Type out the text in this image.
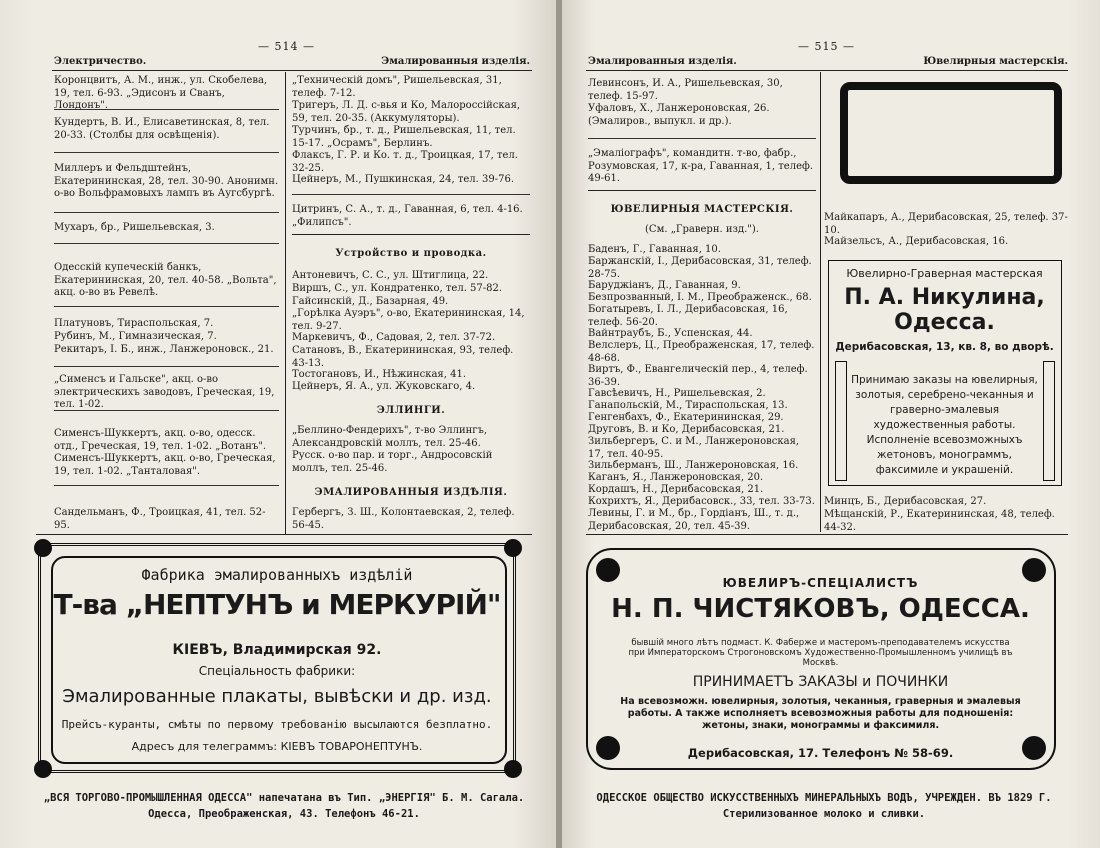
— 514 —
Электричество.	Эмалированныя изделія.
Коронцвитъ, А. М., инж., ул. Скобелева, 19, тел. 6-93. „Эдисонъ и Сванъ, Лондонъ".
Кундертъ, В. И., Елисаветинская, 8, тел. 20-33. (Столбы для освѣщенія).
Миллеръ и Фельдштейнъ, Екатерининская, 28, тел. 30-90. Анонимн. о-во Вольфрамовыхъ лампъ въ Аугсбургѣ.
Мухаръ, бр., Ришельевская, 3.
Одесскій купеческій банкъ, Екатерининская, 20, тел. 40-58. „Вольта", акц. о-во въ Ревелѣ.
Платуновъ, Тираспольская, 7.
Рубинъ, М., Гимназическая, 7.
Рекитаръ, І. Б., инж., Ланжероновск., 21.
„Сименсъ и Гальске", акц. о-во электрическихъ заводовъ, Греческая, 19, тел. 1-02.
Сименсъ-Шуккертъ, акц. о-во, одесск. отд., Греческая, 19, тел. 1-02. „Вотанъ".
Сименсъ-Шуккертъ, акц. о-во, Греческая, 19, тел. 1-02. „Танталовая".
Сандельманъ, Ф., Троицкая, 41, тел. 52-95.
„Техническій домъ", Ришельевская, 31, телеф. 7-12.
Тригеръ, Л. Д. с-вья и Ко, Малороссійская, 59, тел. 20-35. (Аккумуляторы).
Турчинъ, бр., т. д., Ришельевская, 11, тел. 15-17. „Осрамъ", Берлинъ.
Флаксъ, Г. Р. и Ко. т. д., Троицкая, 17, тел. 32-25.
Цейнеръ, М., Пушкинская, 24, тел. 39-76.
Цитринъ, С. А., т. д., Гаванная, 6, тел. 4-16. „Филипсъ".
Устройство и проводка.
Антоневичъ, С. С., ул. Штиглица, 22.
Виршъ, С., ул. Кондратенко, тел. 57-82.
Гайсинскій, Д., Базарная, 49.
„Горѣлка Ауэръ", о-во, Екатерининская, 14, тел. 9-27.
Маркевичъ, Ф., Садовая, 2, тел. 37-72.
Сатановъ, В., Екатерининская, 93, телеф. 43-13.
Тостогановъ, И., Нѣжинская, 41.
Цейнеръ, Я. А., ул. Жуковскаго, 4.
ЭЛЛИНГИ.
„Беллино-Фендерихъ", т-во Эллингъ, Александровскій моллъ, тел. 25-46.
Русск. о-во пар. и торг., Андросовскій моллъ, тел. 25-46.
ЭМАЛИРОВАННЫЯ ИЗДѢЛІЯ.
Гербергъ, З. Ш., Колонтаевская, 2, телеф. 56-45.
Фабрика эмалированныхъ издѣлій
Т-ва „НЕПТУНЪ и МЕРКУРІЙ"
КІЕВЪ, Владимирская 92.
Спеціальность фабрики:
Эмалированные плакаты, вывѣски и др. изд.
Прейсъ-куранты, смѣты по первому требованію высылаются безплатно.
Адресъ для телеграммъ: КІЕВЪ ТОВАРОНЕПТУНЪ.
„ВСЯ ТОРГОВО-ПРОМЫШЛЕННАЯ ОДЕССА" напечатана въ Тип. „ЭНЕРГІЯ" Б. М. Сагала.
Одесса, Преображенская, 43. Телефонъ 46-21.
— 515 —
Эмалированныя изделія.	Ювелирныя мастерскія.
Левинсонъ, И. А., Ришельевская, 30, телеф. 15-97.
Уфаловъ, Х., Ланжероновская, 26. (Эмалиров., выпукл. и др.).
„Эмаліографъ", командитн. т-во, фабр., Розумовская, 17, к-ра, Гаванная, 1, телеф. 49-61.
ЮВЕЛИРНЫЯ МАСТЕРСКІЯ.
(См. „Граверн. изд.").
Баденъ, Г., Гаванная, 10.
Баржанскій, І., Дерибасовская, 31, телеф. 28-75.
Баруджіанъ, Д., Гаванная, 9.
Безпрозванный, І. М., Преображенск., 68.
Богатыревъ, І. Л., Дерибасовская, 16, телеф. 56-20.
Вайнтраубъ, Б., Успенская, 44.
Велслеръ, Ц., Преображенская, 17, телеф. 48-68.
Виртъ, Ф., Евангелическій пер., 4, телеф. 36-39.
Гавсѣевичъ, Н., Ришельевская, 2.
Ганапольскій, М., Тираспольская, 13.
Генгенбахъ, Ф., Екатерининская, 29.
Друговъ, В. и Ко, Дерибасовская, 21.
Зильбергеръ, С. и М., Ланжероновская, 17, тел. 40-95.
Зильберманъ, Ш., Ланжероновская, 16.
Каганъ, Я., Ланжероновская, 20.
Кордашъ, Н., Дерибасовская, 21.
Кохрихтъ, Я., Дерибасовск., 33, тел. 33-73.
Левины, Г. и М., бр., Гордіанъ, Ш., т. д., Дерибасовская, 20, тел. 45-39.
Майкапаръ, А., Дерибасовская, 25, телеф. 37-10.
Майзельсъ, А., Дерибасовская, 16.
Ювелирно-Граверная мастерская
П. А. Никулина, Одесса.
Дерибасовская, 13, кв. 8, во дворѣ.
Принимаю заказы на ювелирныя, золотыя, серебрено-чеканныя и граверно-эмалевыя художественныя работы.
Исполненіе всевозможныхъ жетоновъ, монограммъ, факсимиле и украшеній.
Минцъ, Б., Дерибасовская, 27.
Мѣщанскій, Р., Екатерининская, 48, телеф. 44-32.
ЮВЕЛИРЪ-СПЕЦІАЛИСТЪ
Н. П. ЧИСТЯКОВЪ, ОДЕССА.
бывшій много лѣтъ подмаст. К. Фаберже и мастеромъ-преподавателемъ искусства при Императорскомъ Строгоновскомъ Художественно-Промышленномъ училищѣ въ Москвѣ.
ПРИНИМАЕТЪ ЗАКАЗЫ и ПОЧИНКИ
На всевозможн. ювелирныя, золотыя, чеканныя, граверныя и эмалевыя работы. А также исполняетъ всевозможныя работы для подношенія: жетоны, знаки, монограммы и факсимиля.
Дерибасовская, 17. Телефонъ № 58-69.
ОДЕССКОЕ ОБЩЕСТВО ИСКУССТВЕННЫХЪ МИНЕРАЛЬНЫХЪ ВОДЪ, УЧРЕЖДЕН. ВЪ 1829 Г.
Стерилизованное молоко и сливки.
